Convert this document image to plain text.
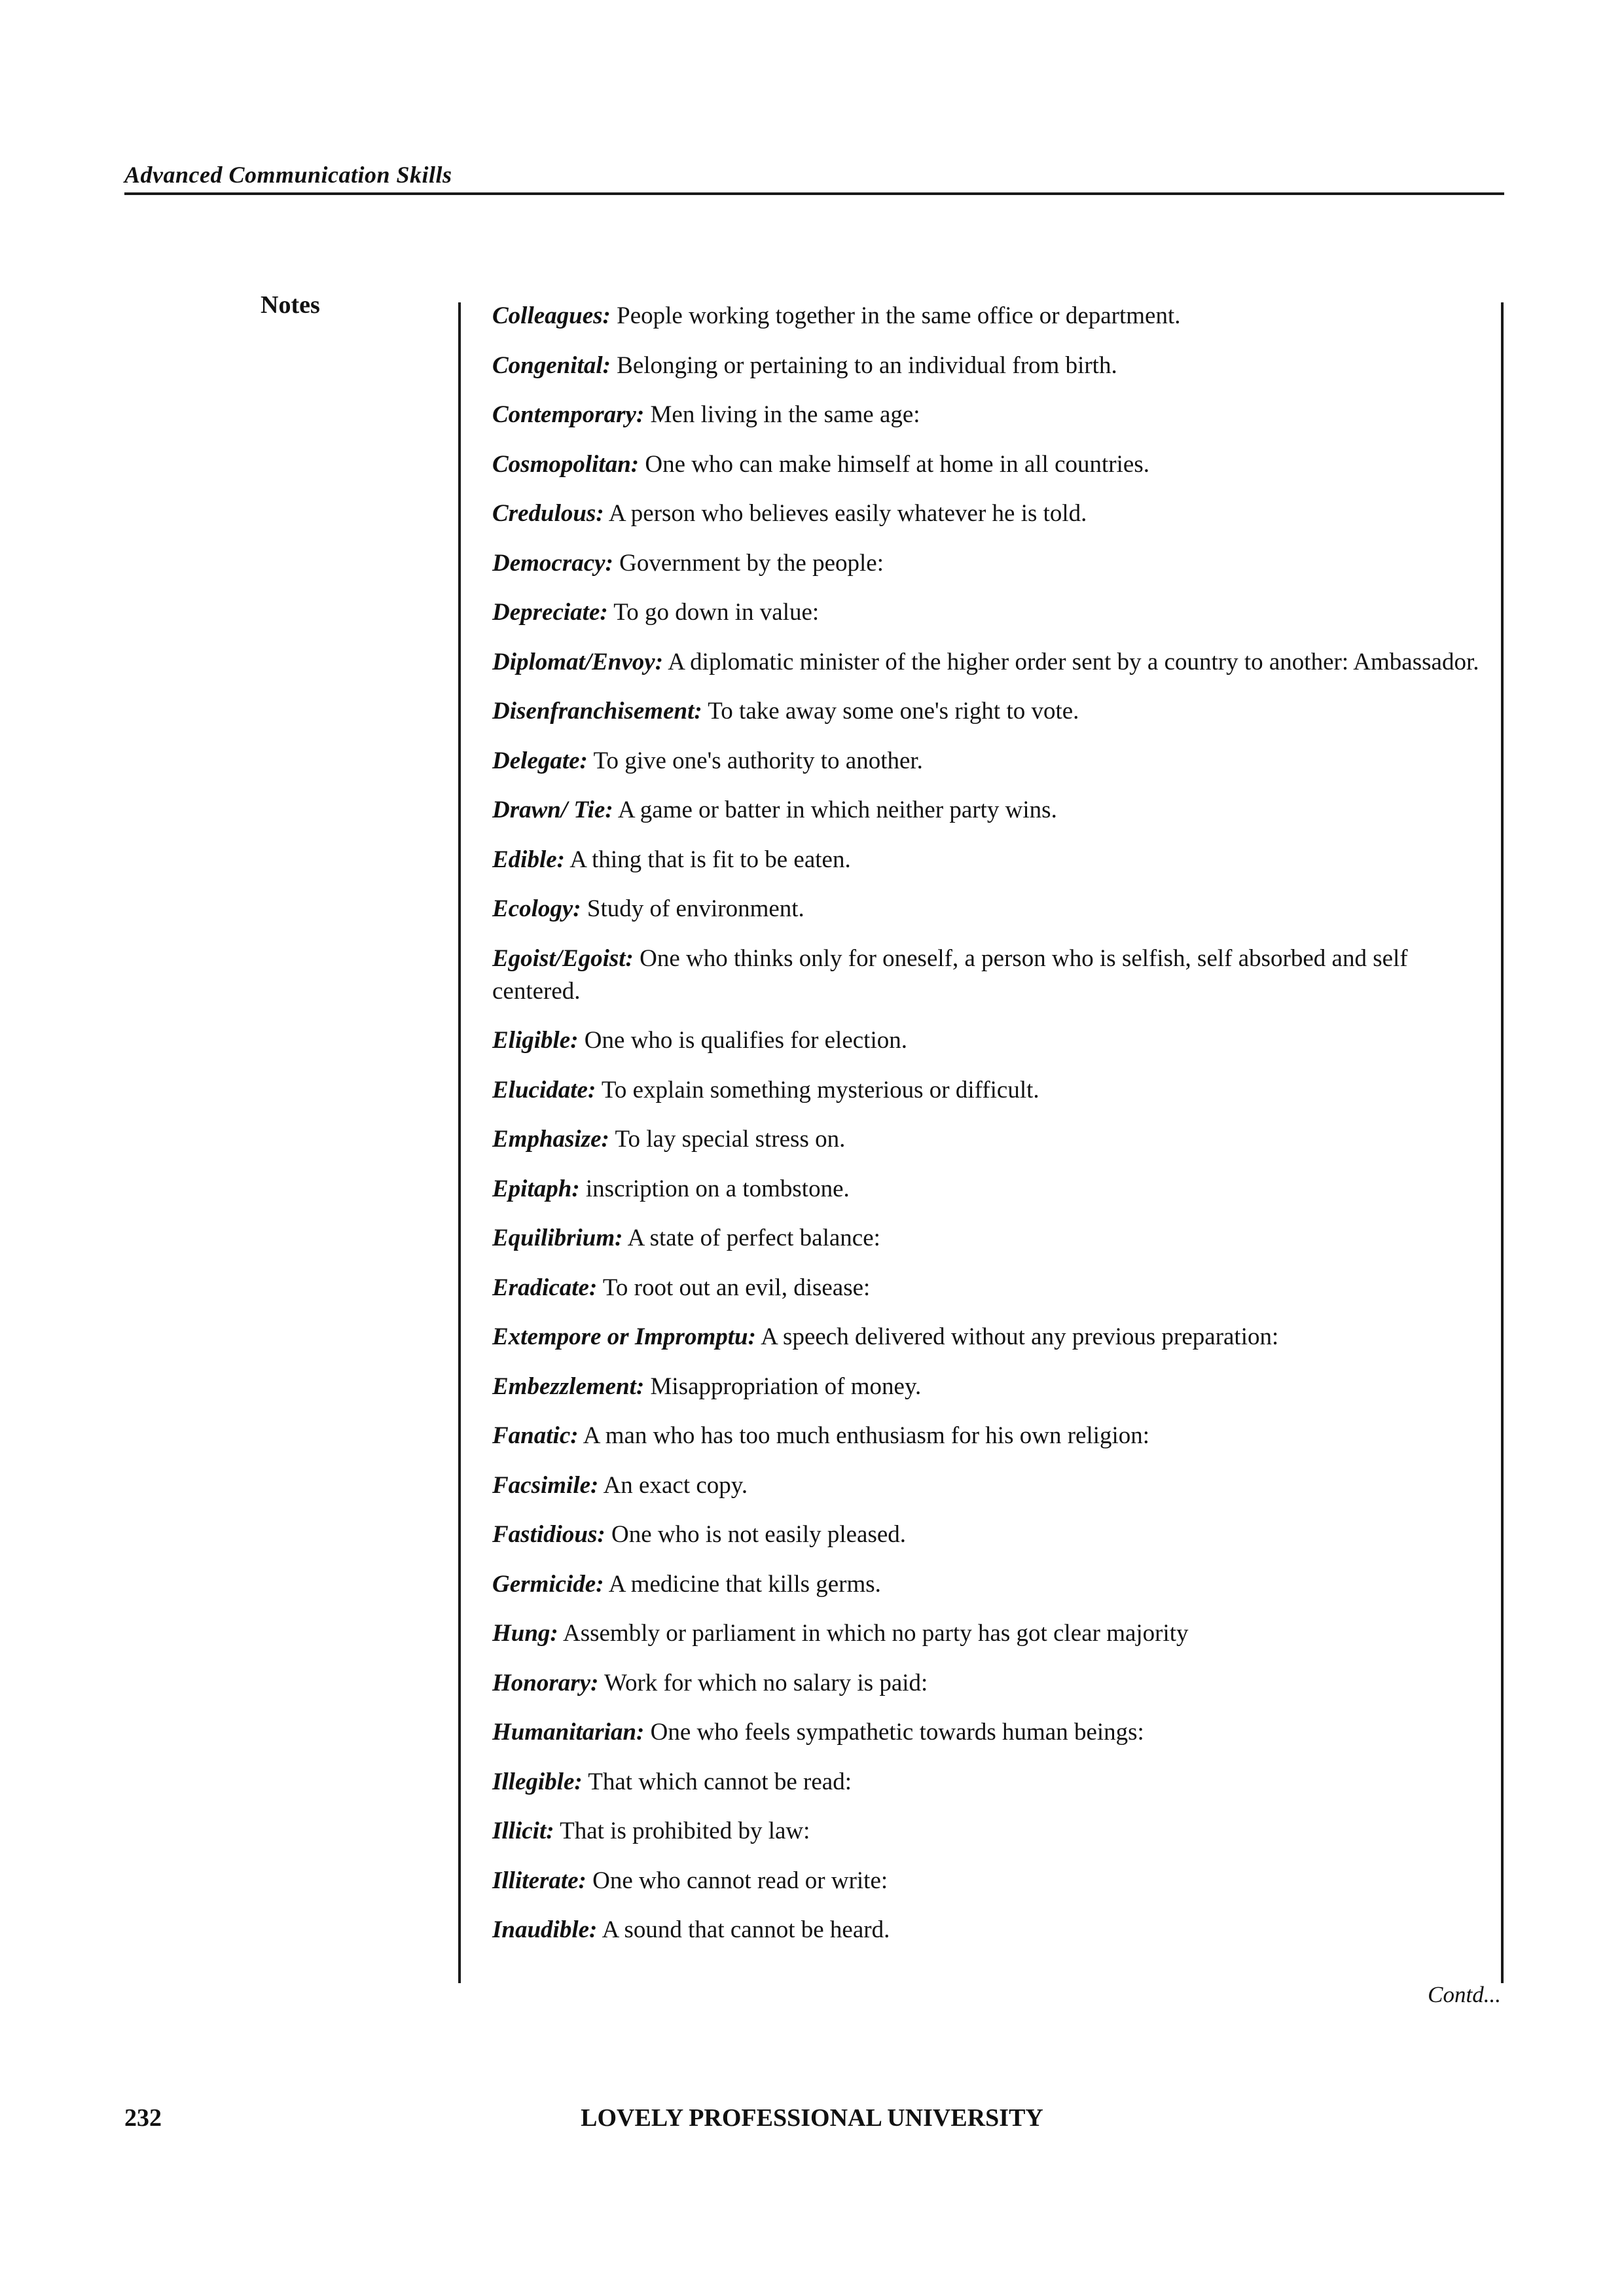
Advanced Communication Skills
Notes	Colleagues: People working together in the same office or department.

Congenital: Belonging or pertaining to an individual from birth.

Contemporary: Men living in the same age:

Cosmopolitan: One who can make himself at home in all countries.

Credulous: A person who believes easily whatever he is told.

Democracy: Government by the people:

Depreciate: To go down in value:

Diplomat/Envoy: A diplomatic minister of the higher order sent by a country to another: Ambassador.

Disenfranchisement: To take away some one's right to vote.

Delegate: To give one's authority to another.

Drawn/ Tie: A game or batter in which neither party wins.

Edible: A thing that is fit to be eaten.

Ecology: Study of environment.

Egoist/Egoist: One who thinks only for oneself, a person who is selfish, self absorbed and self centered.

Eligible: One who is qualifies for election.

Elucidate: To explain something mysterious or difficult.

Emphasize: To lay special stress on.

Epitaph: inscription on a tombstone.

Equilibrium: A state of perfect balance:

Eradicate: To root out an evil, disease:

Extempore or Impromptu: A speech delivered without any previous preparation:

Embezzlement: Misappropriation of money.

Fanatic: A man who has too much enthusiasm for his own religion:

Facsimile: An exact copy.

Fastidious: One who is not easily pleased.

Germicide: A medicine that kills germs.

Hung: Assembly or parliament in which no party has got clear majority

Honorary: Work for which no salary is paid:

Humanitarian: One who feels sympathetic towards human beings:

Illegible: That which cannot be read:

Illicit: That is prohibited by law:

Illiterate: One who cannot read or write:

Inaudible: A sound that cannot be heard.

Contd...
232	LOVELY PROFESSIONAL UNIVERSITY
